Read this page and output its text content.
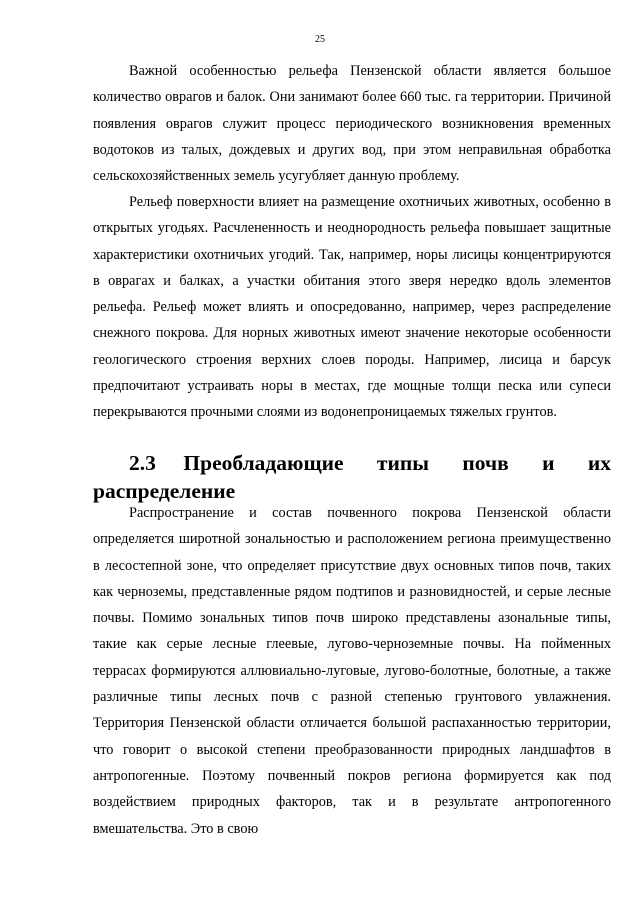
25

Важной особенностью рельефа Пензенской области является большое количество оврагов и балок. Они занимают более 660 тыс. га территории. Причиной появления оврагов служит процесс периодического возникновения временных водотоков из талых, дождевых и других вод, при этом неправильная обработка сельскохозяйственных земель усугубляет данную проблему.

Рельеф поверхности влияет на размещение охотничьих животных, особенно в открытых угодьях. Расчлененность и неоднородность рельефа повышает защитные характеристики охотничьих угодий. Так, например, норы лисицы концентрируются в оврагах и балках, а участки обитания этого зверя нередко вдоль элементов рельефа. Рельеф может влиять и опосредованно, например, через распределение снежного покрова. Для норных животных имеют значение некоторые особенности геологического строения верхних слоев породы. Например, лисица и барсук предпочитают устраивать норы в местах, где мощные толщи песка или супеси перекрываются прочными слоями из водонепроницаемых тяжелых грунтов.

2.3 Преобладающие типы почв и их распределение

Распространение и состав почвенного покрова Пензенской области определяется широтной зональностью и расположением региона преимущественно в лесостепной зоне, что определяет присутствие двух основных типов почв, таких как черноземы, представленные рядом подтипов и разновидностей, и серые лесные почвы. Помимо зональных типов почв широко представлены азональные типы, такие как серые лесные глеевые, лугово-черноземные почвы. На пойменных террасах формируются аллювиально-луговые, лугово-болотные, болотные, а также различные типы лесных почв с разной степенью грунтового увлажнения. Территория Пензенской области отличается большой распаханностью территории, что говорит о высокой степени преобразованности природных ландшафтов в антропогенные. Поэтому почвенный покров региона формируется как под воздействием природных факторов, так и в результате антропогенного вмешательства. Это в свою
